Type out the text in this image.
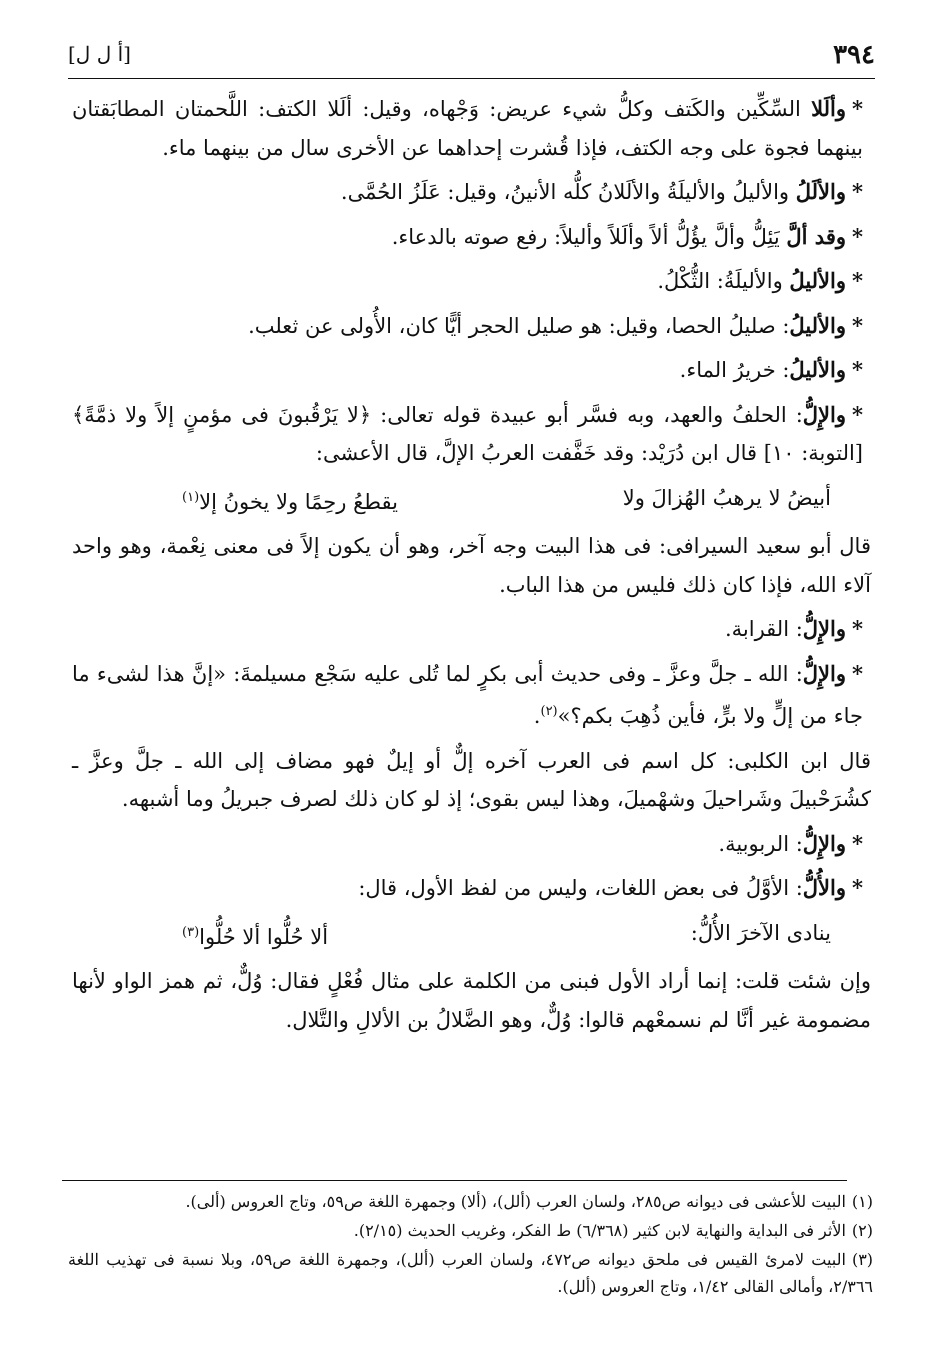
٣٩٤
[أ ل ل]

*وألَلا السِّكِّين والكَتف وكلُّ شيء عريض: وَجْهاه، وقيل: ألَلا الكتف: اللَّحمتان المطابَقتان بينهما فجوة على وجه الكتف، فإذا قُشرت إحداهما عن الأخرى سال من بينهما ماء.

*والألَلُ والأليلُ والأليلَةُ والألَلانُ كلُّه الأنينُ، وقيل: عَلَزُ الحُمَّى.

*وقد ألَّ يَئِلُّ وألَّ يؤُلُّ ألاً وألَلاً وأليلاً: رفع صوته بالدعاء.

*والأليلُ والأليلَةُ: الثُّكْلُ.

*والأليلُ: صليلُ الحصا، وقيل: هو صليل الحجر أيًّا كان، الأُولى عن ثعلب.

*والأليلُ: خريرُ الماء.

*والإِلُّ: الحلفُ والعهد، وبه فسَّر أبو عبيدة قوله تعالى: ﴿لا يَرْقُبونَ فى مؤمنٍ إلاً ولا ذمَّةً﴾ [التوبة: ١٠] قال ابن دُرَيْد: وقد خَفَّفت العربُ الإلَّ، قال الأعشى:

أبيضُ لا يرهبُ الهُزالَ ولا
يقطعُ رحِمًا ولا يخونُ إلا$^{(١)}$

قال أبو سعيد السيرافى: فى هذا البيت وجه آخر، وهو أن يكون إلاً فى معنى نِعْمة، وهو واحد آلاء الله، فإذا كان ذلك فليس من هذا الباب.

*والإِلُّ: القرابة.

*والإِلُّ: الله ـ جلَّ وعزَّ ـ وفى حديث أبى بكرٍ لما تُلى عليه سَجْع مسيلمةَ: «إنَّ هذا لشىء ما جاء من إلٍّ ولا برٍّ، فأين ذُهِبَ بكم؟»$^{(٢)}$.

قال ابن الكلبى: كل اسم فى العرب آخره إلٌّ أو إيلٌ فهو مضاف إلى الله ـ جلَّ وعزَّ ـ كشُرَحْبيلَ وشَراحيلَ وشهْميلَ، وهذا ليس بقوى؛ إذ لو كان ذلك لصرف جبريلُ وما أشبهه.

*والإِلُّ: الربوبية.

*والأُلُّ: الأوَّلُ فى بعض اللغات، وليس من لفظ الأول، قال:

ينادى الآخرَ الأُلُّ:
ألا حُلُّوا ألا حُلُّوا$^{(٣)}$

وإن شئت قلت: إنما أراد الأول فبنى من الكلمة على مثال فُعْلٍ فقال: وُلٌّ، ثم همز الواو لأنها مضمومة غير أنَّا لم نسمعْهم قالوا: وُلٌّ، وهو الضَّلالُ بن الألالِ والتَّلال.

(١)البيت للأعشى فى ديوانه ص٢٨٥، ولسان العرب (ألل)، (ألا) وجمهرة اللغة ص٥٩، وتاج العروس (ألى).

(٢)الأثر فى البداية والنهاية لابن كثير (٦/٣٦٨) ط الفكر، وغريب الحديث (٢/١٥).

(٣)البيت لامرئ القيس فى ملحق ديوانه ص٤٧٢، ولسان العرب (ألل)، وجمهرة اللغة ص٥٩، وبلا نسبة فى تهذيب اللغة ٢/٣٦٦، وأمالى القالى ١/٤٢، وتاج العروس (ألل).
